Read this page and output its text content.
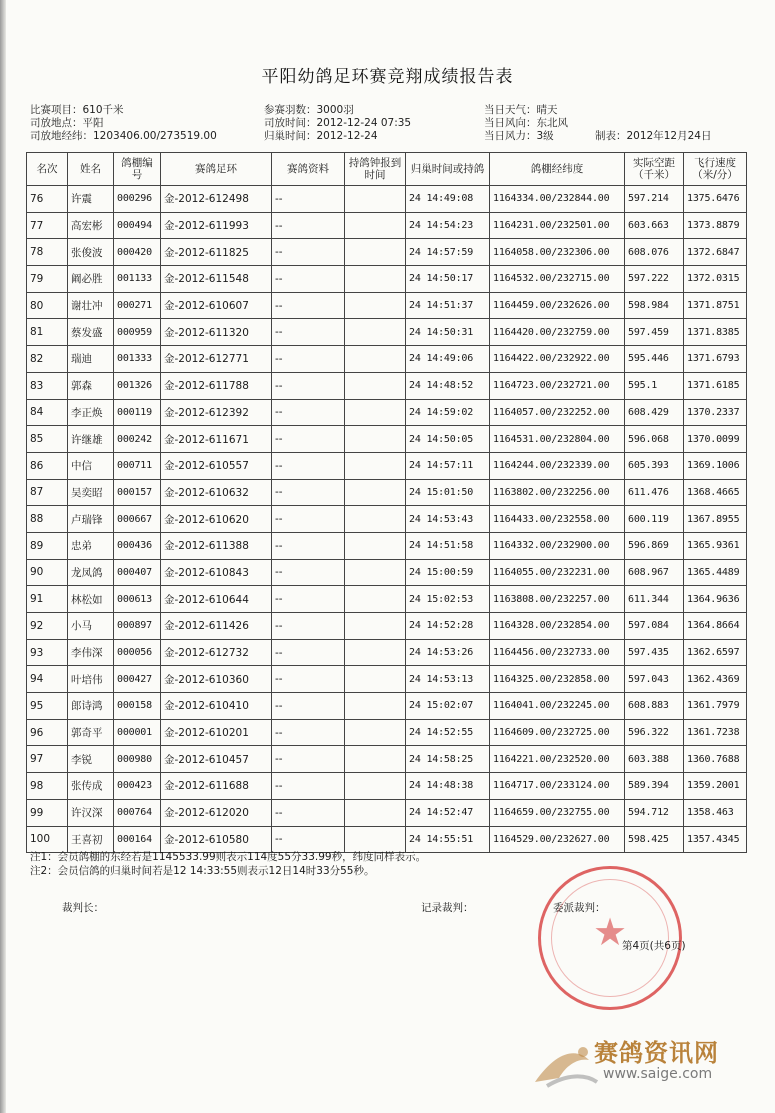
平阳幼鸽足环赛竞翔成绩报告表
比赛项目：610千米
司放地点：平阳
司放地经纬：1203406.00/273519.00
参赛羽数：3000羽
司放时间：2012-12-24 07:35
归巢时间：2012-12-24
当日天气：晴天
当日风向：东北风
当日风力：3级	制表：2012年12月24日
名次	姓名	鸽棚编号	赛鸽足环	赛鸽资料	持鸽钟报到时间	归巢时间或持鸽	鸽棚经纬度	实际空距（千米）	飞行速度（米/分）
76	许震	000296	金-2012-612498	--		24 14:49:08	1164334.00/232844.00	597.214	1375.6476
77	高宏彬	000494	金-2012-611993	--		24 14:54:23	1164231.00/232501.00	603.663	1373.8879
78	张俊波	000420	金-2012-611825	--		24 14:57:59	1164058.00/232306.00	608.076	1372.6847
79	阚必胜	001133	金-2012-611548	--		24 14:50:17	1164532.00/232715.00	597.222	1372.0315
80	谢壮冲	000271	金-2012-610607	--		24 14:51:37	1164459.00/232626.00	598.984	1371.8751
81	蔡发盛	000959	金-2012-611320	--		24 14:50:31	1164420.00/232759.00	597.459	1371.8385
82	瑞迪	001333	金-2012-612771	--		24 14:49:06	1164422.00/232922.00	595.446	1371.6793
83	郭森	001326	金-2012-611788	--		24 14:48:52	1164723.00/232721.00	595.1	1371.6185
84	李正焕	000119	金-2012-612392	--		24 14:59:02	1164057.00/232252.00	608.429	1370.2337
85	许继雄	000242	金-2012-611671	--		24 14:50:05	1164531.00/232804.00	596.068	1370.0099
86	中信	000711	金-2012-610557	--		24 14:57:11	1164244.00/232339.00	605.393	1369.1006
87	吴奕昭	000157	金-2012-610632	--		24 15:01:50	1163802.00/232256.00	611.476	1368.4665
88	卢瑞锋	000667	金-2012-610620	--		24 14:53:43	1164433.00/232558.00	600.119	1367.8955
89	忠弟	000436	金-2012-611388	--		24 14:51:58	1164332.00/232900.00	596.869	1365.9361
90	龙凤鸽	000407	金-2012-610843	--		24 15:00:59	1164055.00/232231.00	608.967	1365.4489
91	林松如	000613	金-2012-610644	--		24 15:02:53	1163808.00/232257.00	611.344	1364.9636
92	小马	000897	金-2012-611426	--		24 14:52:28	1164328.00/232854.00	597.084	1364.8664
93	李伟深	000056	金-2012-612732	--		24 14:53:26	1164456.00/232733.00	597.435	1362.6597
94	叶培伟	000427	金-2012-610360	--		24 14:53:13	1164325.00/232858.00	597.043	1362.4369
95	郎诗鸿	000158	金-2012-610410	--		24 15:02:07	1164041.00/232245.00	608.883	1361.7979
96	郭奇平	000001	金-2012-610201	--		24 14:52:55	1164609.00/232725.00	596.322	1361.7238
97	李锐	000980	金-2012-610457	--		24 14:58:25	1164221.00/232520.00	603.388	1360.7688
98	张传成	000423	金-2012-611688	--		24 14:48:38	1164717.00/233124.00	589.394	1359.2001
99	许汉深	000764	金-2012-612020	--		24 14:52:47	1164659.00/232755.00	594.712	1358.463
100	王喜初	000164	金-2012-610580	--		24 14:55:51	1164529.00/232627.00	598.425	1357.4345
注1：会员鸽棚的东经若是1145533.99则表示114度55分33.99秒，纬度同样表示。
注2：会员信鸽的归巢时间若是12 14:33:55则表示12日14时33分55秒。
裁判长：	记录裁判：	委派裁判：
★
第4页(共6页)
赛鸽资讯网
www.saige.com
